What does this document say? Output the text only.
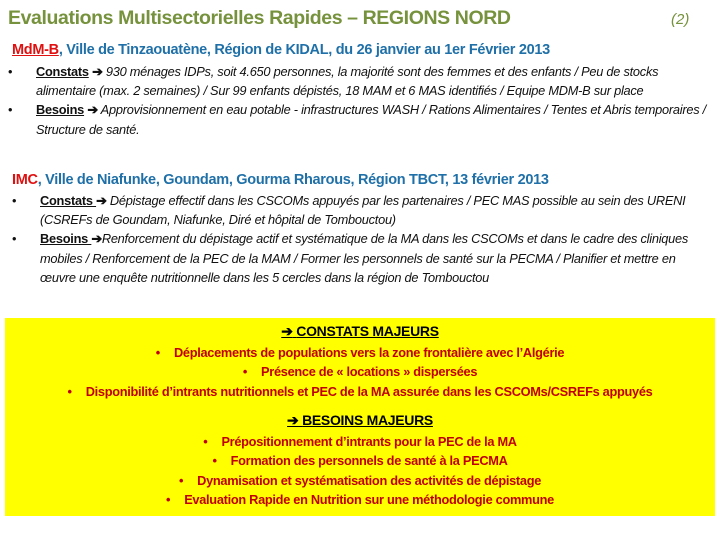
Evaluations Multisectorielles Rapides – REGIONS NORD	(2)
MdM-B, Ville de Tinzaouatène, Région de KIDAL, du 26 janvier au 1er Février 2013
• Constats ➔ 930 ménages IDPs, soit 4.650 personnes, la majorité sont des femmes et des enfants / Peu de stocks alimentaire (max. 2 semaines) / Sur 99 enfants dépistés, 18 MAM et 6 MAS identifiés / Equipe MDM-B sur place
• Besoins ➔ Approvisionnement en eau potable - infrastructures WASH / Rations Alimentaires / Tentes et Abris temporaires / Structure de santé.
IMC, Ville de Niafunke, Goundam, Gourma Rharous, Région TBCT, 13 février 2013
• Constats ➔ Dépistage effectif dans les CSCOMs appuyés par les partenaires / PEC MAS possible au sein des URENI (CSREFs de Goundam, Niafunke, Diré et hôpital de Tombouctou)
• Besoins ➔Renforcement du dépistage actif et systématique de la MA dans les CSCOMs et dans le cadre des cliniques mobiles / Renforcement de la PEC de la MAM / Former les personnels de santé sur la PECMA / Planifier et mettre en œuvre une enquête nutritionnelle dans les 5 cercles dans la région de Tombouctou
➔ CONSTATS MAJEURS
• Déplacements de populations vers la zone frontalière avec l’Algérie
• Présence de « locations » dispersées
• Disponibilité d’intrants nutritionnels et PEC de la MA assurée dans les CSCOMs/CSREFs appuyés
➔ BESOINS MAJEURS
• Prépositionnement d’intrants pour la PEC de la MA
• Formation des personnels de santé à la PECMA
• Dynamisation et systématisation des activités de dépistage
• Evaluation Rapide en Nutrition sur une méthodologie commune
